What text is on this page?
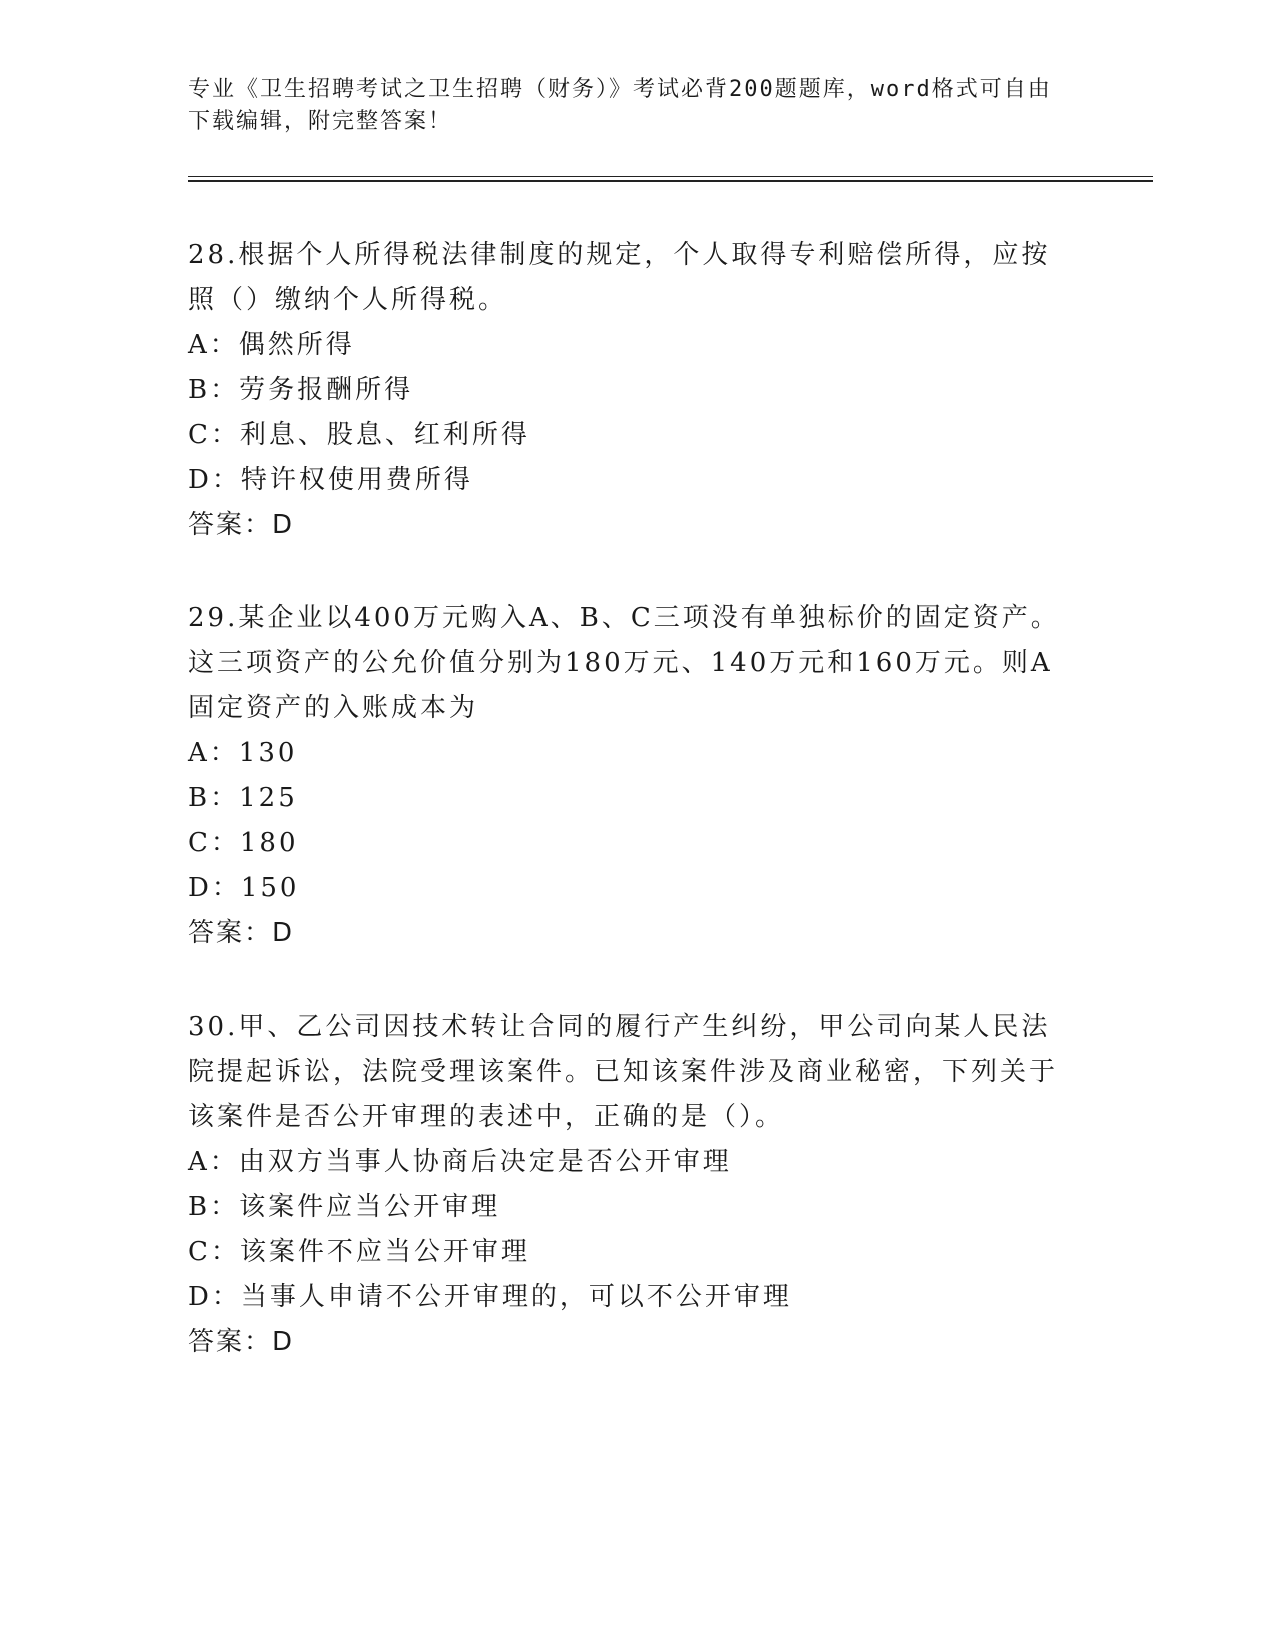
专业《卫生招聘考试之卫生招聘（财务）》考试必背200题题库，word格式可自由下载编辑，附完整答案！

28.根据个人所得税法律制度的规定，个人取得专利赔偿所得，应按照（）缴纳个人所得税。

A：偶然所得

B：劳务报酬所得

C：利息、股息、红利所得

D：特许权使用费所得

答案：D

29.某企业以400万元购入A、B、C三项没有单独标价的固定资产。这三项资产的公允价值分别为180万元、140万元和160万元。则A固定资产的入账成本为

A：130

B：125

C：180

D：150

答案：D

30.甲、乙公司因技术转让合同的履行产生纠纷，甲公司向某人民法院提起诉讼，法院受理该案件。已知该案件涉及商业秘密，下列关于该案件是否公开审理的表述中，正确的是（）。

A：由双方当事人协商后决定是否公开审理

B：该案件应当公开审理

C：该案件不应当公开审理

D：当事人申请不公开审理的，可以不公开审理

答案：D
